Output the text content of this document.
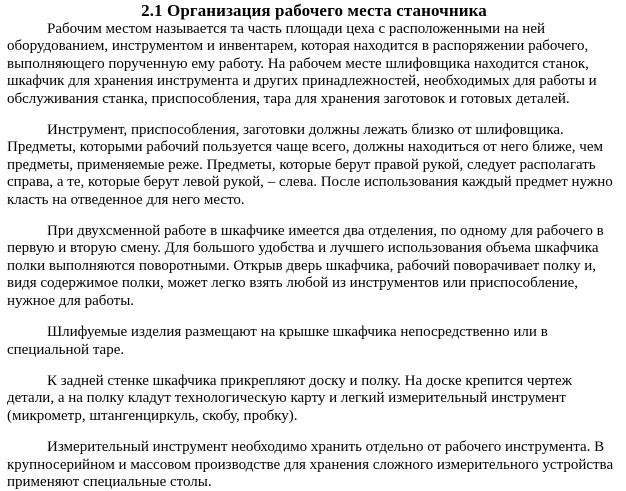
2.1 Организация рабочего места станочника

Рабочим местом называется та часть площади цеха с расположенными на ней оборудованием, инструментом и инвентарем, которая находится в распоряжении рабочего, выполняющего порученную ему работу. На рабочем месте шлифовщика находится станок, шкафчик для хранения инструмента и других принадлежностей, необходимых для работы и обслуживания станка, приспособления, тара для хранения заготовок и готовых деталей.

Инструмент, приспособления, заготовки должны лежать близко от шлифовщика. Предметы, которыми рабочий пользуется чаще всего, должны находиться от него ближе, чем предметы, применяемые реже. Предметы, которые берут правой рукой, следует располагать справа, а те, которые берут левой рукой, – слева. После использования каждый предмет нужно класть на отведенное для него место.

При двухсменной работе в шкафчике имеется два отделения, по одному для рабочего в первую и вторую смену. Для большого удобства и лучшего использования объема шкафчика полки выполняются поворотными. Открыв дверь шкафчика, рабочий поворачивает полку и, видя содержимое полки, может легко взять любой из инструментов или приспособление, нужное для работы.

Шлифуемые изделия размещают на крышке шкафчика непосредственно или в специальной таре.

К задней стенке шкафчика прикрепляют доску и полку. На доске крепится чертеж детали, а на полку кладут технологическую карту и легкий измерительный инструмент (микрометр, штангенциркуль, скобу, пробку).

Измерительный инструмент необходимо хранить отдельно от рабочего инструмента. В крупносерийном и массовом производстве для хранения сложного измерительного устройства применяют специальные столы.
